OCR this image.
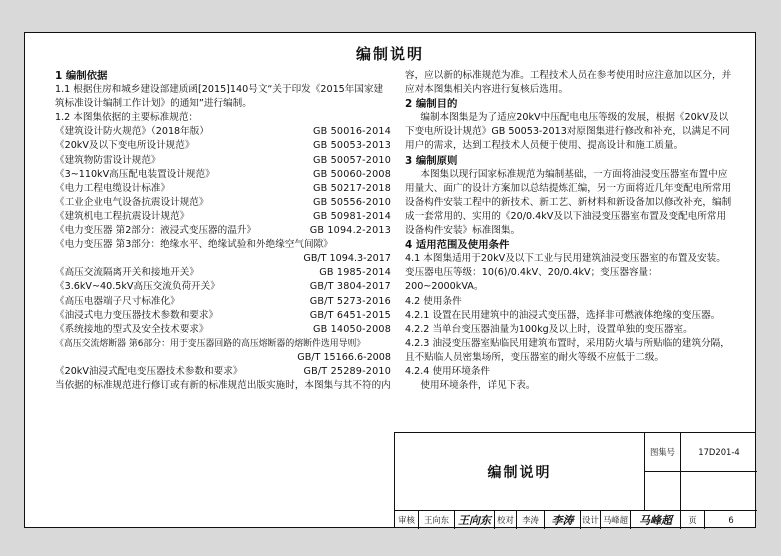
编制说明
1 编制依据

1.1 根据住房和城乡建设部建质函[2015]140号文“关于印发《2015年国家建筑标准设计编制工作计划》的通知”进行编制。

1.2 本图集依据的主要标准规范：

《建筑设计防火规范》（2018年版）	GB 50016-2014
《20kV及以下变电所设计规范》	GB 50053-2013
《建筑物防雷设计规范》	GB 50057-2010
《3~110kV高压配电装置设计规范》	GB 50060-2008
《电力工程电缆设计标准》	GB 50217-2018
《工业企业电气设备抗震设计规范》	GB 50556-2010
《建筑机电工程抗震设计规范》	GB 50981-2014
《电力变压器 第2部分：液浸式变压器的温升》	GB 1094.2-2013
《电力变压器 第3部分：绝缘水平、绝缘试验和外绝缘空气间隙》
GB/T 1094.3-2017
《高压交流隔离开关和接地开关》	GB 1985-2014
《3.6kV~40.5kV高压交流负荷开关》	GB/T 3804-2017
《高压电器端子尺寸标准化》	GB/T 5273-2016
《油浸式电力变压器技术参数和要求》	GB/T 6451-2015
《系统接地的型式及安全技术要求》	GB 14050-2008
《高压交流熔断器 第6部分：用于变压器回路的高压熔断器的熔断件选用导则》
GB/T 15166.6-2008
《20kV油浸式配电变压器技术参数和要求》	GB/T 25289-2010

当依据的标准规范进行修订或有新的标准规范出版实施时，本图集与其不符的内

容，应以新的标准规范为准。工程技术人员在参考使用时应注意加以区分，并应对本图集相关内容进行复核后选用。

2 编制目的

编制本图集是为了适应20kV中压配电电压等级的发展，根据《20kV及以下变电所设计规范》GB 50053-2013对原图集进行修改和补充，以满足不同用户的需求，达到工程技术人员便于使用、提高设计和施工质量。

3 编制原则

本图集以现行国家标准规范为编制基础，一方面将油浸变压器室布置中应用量大、面广的设计方案加以总结提炼汇编，另一方面将近几年变配电所常用设备构件安装工程中的新技术、新工艺、新材料和新设备加以修改补充，编制成一套常用的、实用的《20/0.4kV及以下油浸变压器室布置及变配电所常用设备构件安装》标准图集。

4 适用范围及使用条件

4.1 本图集适用于20kV及以下工业与民用建筑油浸变压器室的布置及安装。变压器电压等级：10(6)/0.4kV、20/0.4kV；变压器容量：200~2000kVA。

4.2 使用条件

4.2.1 设置在民用建筑中的油浸式变压器，选择非可燃液体绝缘的变压器。

4.2.2 当单台变压器油量为100kg及以上时，设置单独的变压器室。

4.2.3 油浸变压器室贴临民用建筑布置时，采用防火墙与所贴临的建筑分隔，且不贴临人员密集场所，变压器室的耐火等级不应低于二级。

4.2.4 使用环境条件

使用环境条件，详见下表。

编制说明
图集号	17D201-4
审核	王向东 王向东 校对 李涛	李涛	设计 马峰超 马峰超	页	6
